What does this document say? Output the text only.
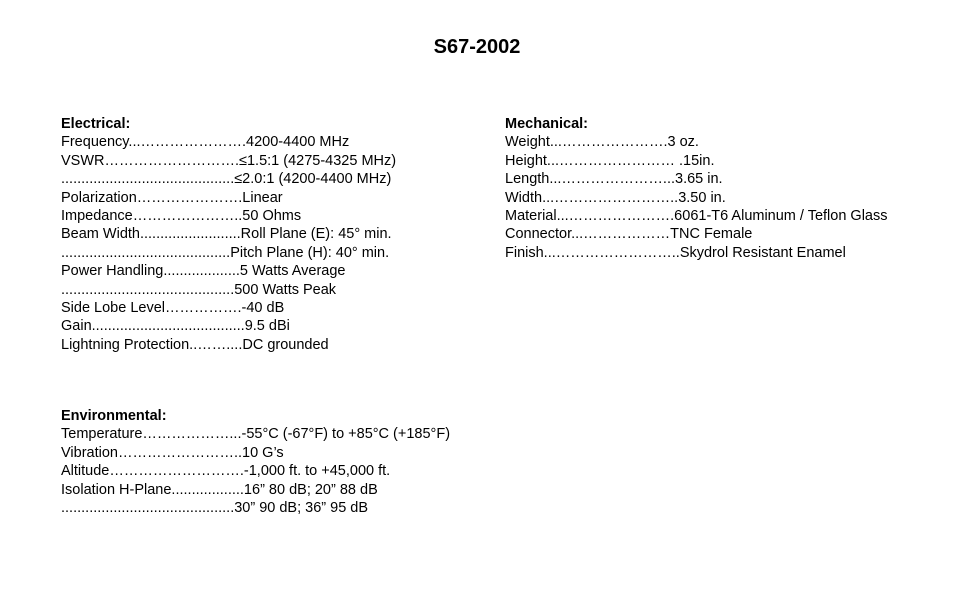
S67-2002
Electrical:
Frequency...………………….4200-4400 MHz
VSWR……………………….≤1.5:1 (4275-4325 MHz)
...........................................≤2.0:1 (4200-4400 MHz)
Polarization………………….Linear
Impedance…………………..50 Ohms
Beam Width.........................Roll Plane (E): 45° min.
..........................................Pitch Plane (H): 40° min.
Power Handling...................5 Watts Average
...........................................500 Watts Peak
Side Lobe Level…………….-40 dB
Gain......................................9.5 dBi
Lightning Protection..……....DC grounded
Mechanical:
Weight...………………….3 oz.
Height...…………………… .15in.
Length...…………………...3.65 in.
Width...……………………..3.50 in.
Material...………………….6061-T6 Aluminum / Teflon Glass
Connector...………………TNC Female
Finish...……………………..Skydrol Resistant Enamel
Environmental:
Temperature………………...-55°C (-67°F) to +85°C (+185°F)
Vibration……………………..10 G’s
Altitude……………………….-1,000 ft. to +45,000 ft.
Isolation H-Plane..................16” 80 dB; 20” 88 dB
...........................................30” 90 dB; 36” 95 dB
